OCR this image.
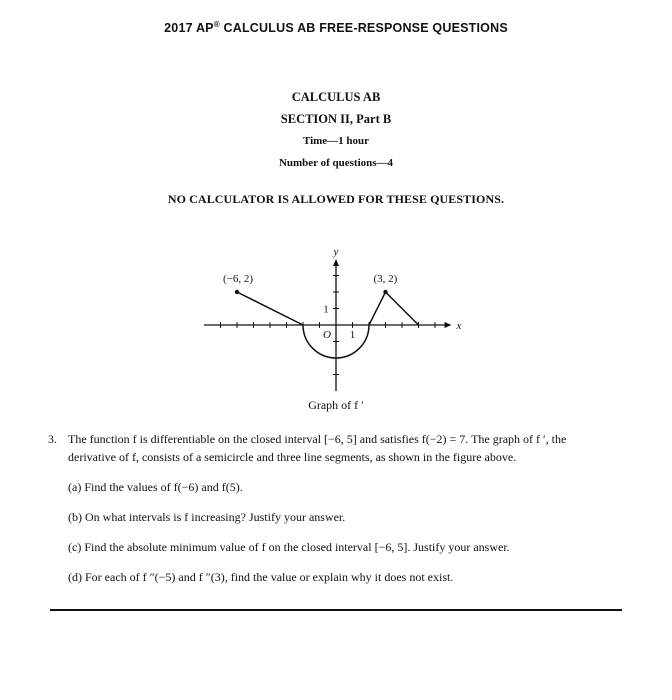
2017 AP® CALCULUS AB FREE-RESPONSE QUESTIONS
CALCULUS AB
SECTION II, Part B
Time—1 hour
Number of questions—4
NO CALCULATOR IS ALLOWED FOR THESE QUESTIONS.
(−6, 2)	(3, 2)
y
x
O 1
1
Graph of f ′
3. The function f is differentiable on the closed interval [−6, 5] and satisfies f(−2) = 7. The graph of f ′, the
derivative of f, consists of a semicircle and three line segments, as shown in the figure above.
(a) Find the values of f(−6) and f(5).
(b) On what intervals is f increasing? Justify your answer.
(c) Find the absolute minimum value of f on the closed interval [−6, 5]. Justify your answer.
(d) For each of f ″(−5) and f ″(3), find the value or explain why it does not exist.
